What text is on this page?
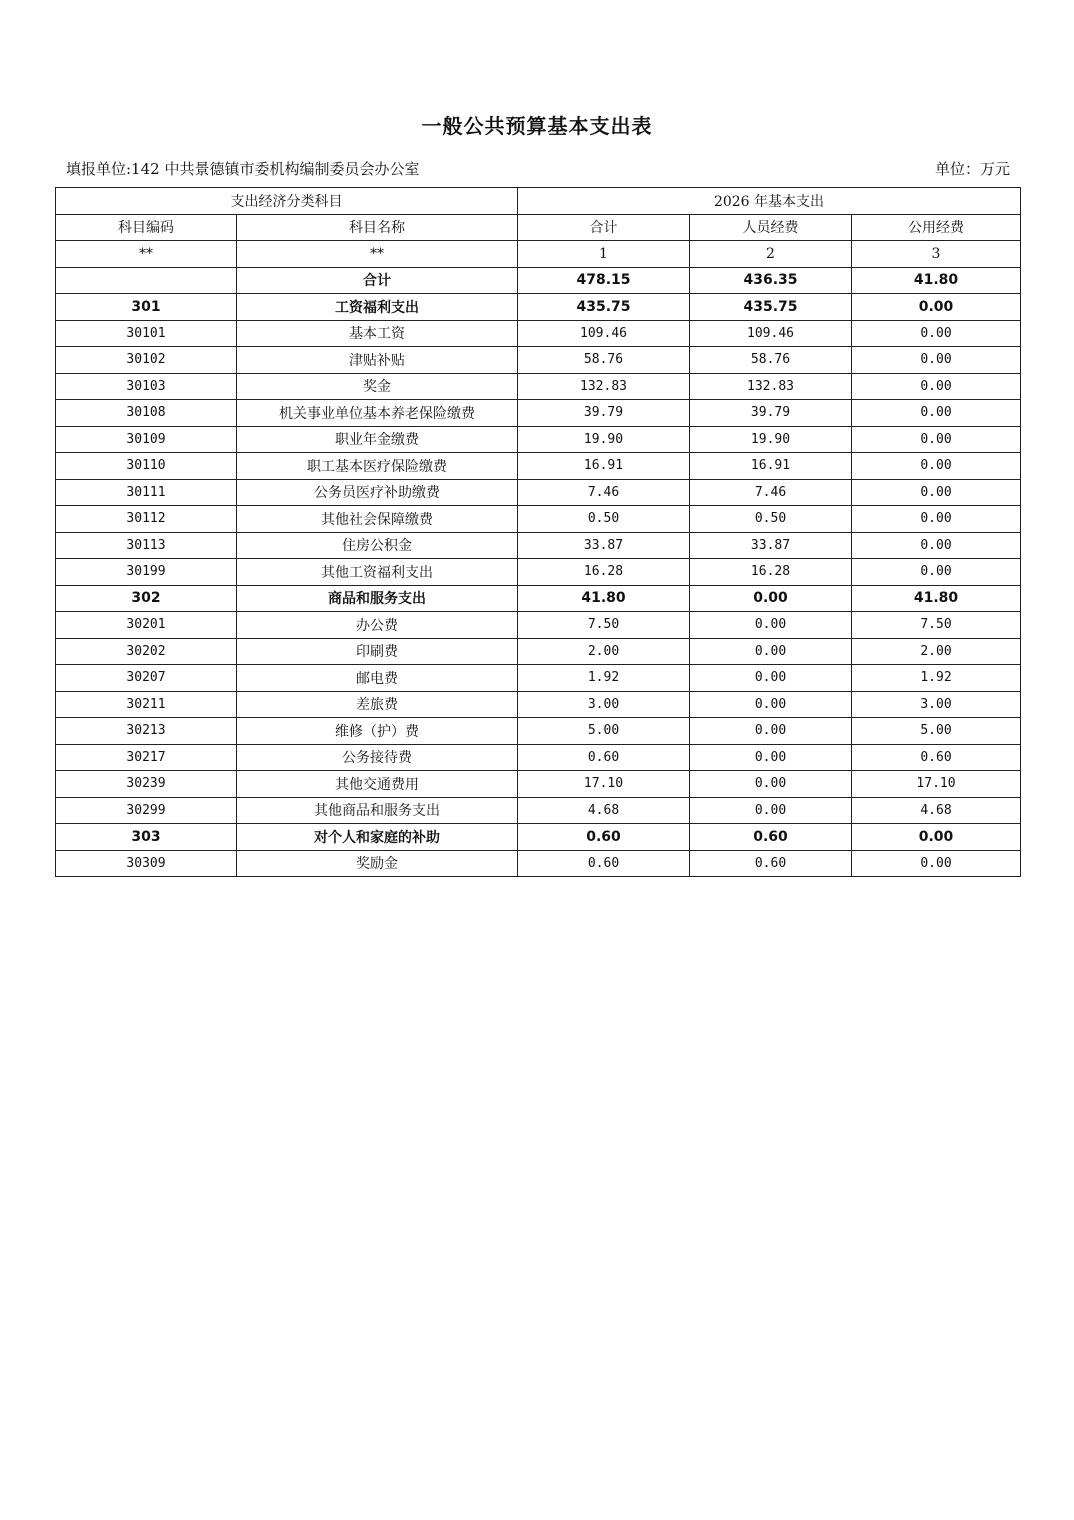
一般公共预算基本支出表
填报单位:142 中共景德镇市委机构编制委员会办公室	单位：万元
支出经济分类科目		2026 年基本支出		
科目编码	科目名称	合计	人员经费	公用经费
**	**	1	2	3
	合计	478.15	436.35	41.80
301	工资福利支出	435.75	435.75	0.00
30101	基本工资	109.46	109.46	0.00
30102	津贴补贴	58.76	58.76	0.00
30103	奖金	132.83	132.83	0.00
30108	机关事业单位基本养老保险缴费	39.79	39.79	0.00
30109	职业年金缴费	19.90	19.90	0.00
30110	职工基本医疗保险缴费	16.91	16.91	0.00
30111	公务员医疗补助缴费	7.46	7.46	0.00
30112	其他社会保障缴费	0.50	0.50	0.00
30113	住房公积金	33.87	33.87	0.00
30199	其他工资福利支出	16.28	16.28	0.00
302	商品和服务支出	41.80	0.00	41.80
30201	办公费	7.50	0.00	7.50
30202	印刷费	2.00	0.00	2.00
30207	邮电费	1.92	0.00	1.92
30211	差旅费	3.00	0.00	3.00
30213	维修（护）费	5.00	0.00	5.00
30217	公务接待费	0.60	0.00	0.60
30239	其他交通费用	17.10	0.00	17.10
30299	其他商品和服务支出	4.68	0.00	4.68
303	对个人和家庭的补助	0.60	0.60	0.00
30309	奖励金	0.60	0.60	0.00
